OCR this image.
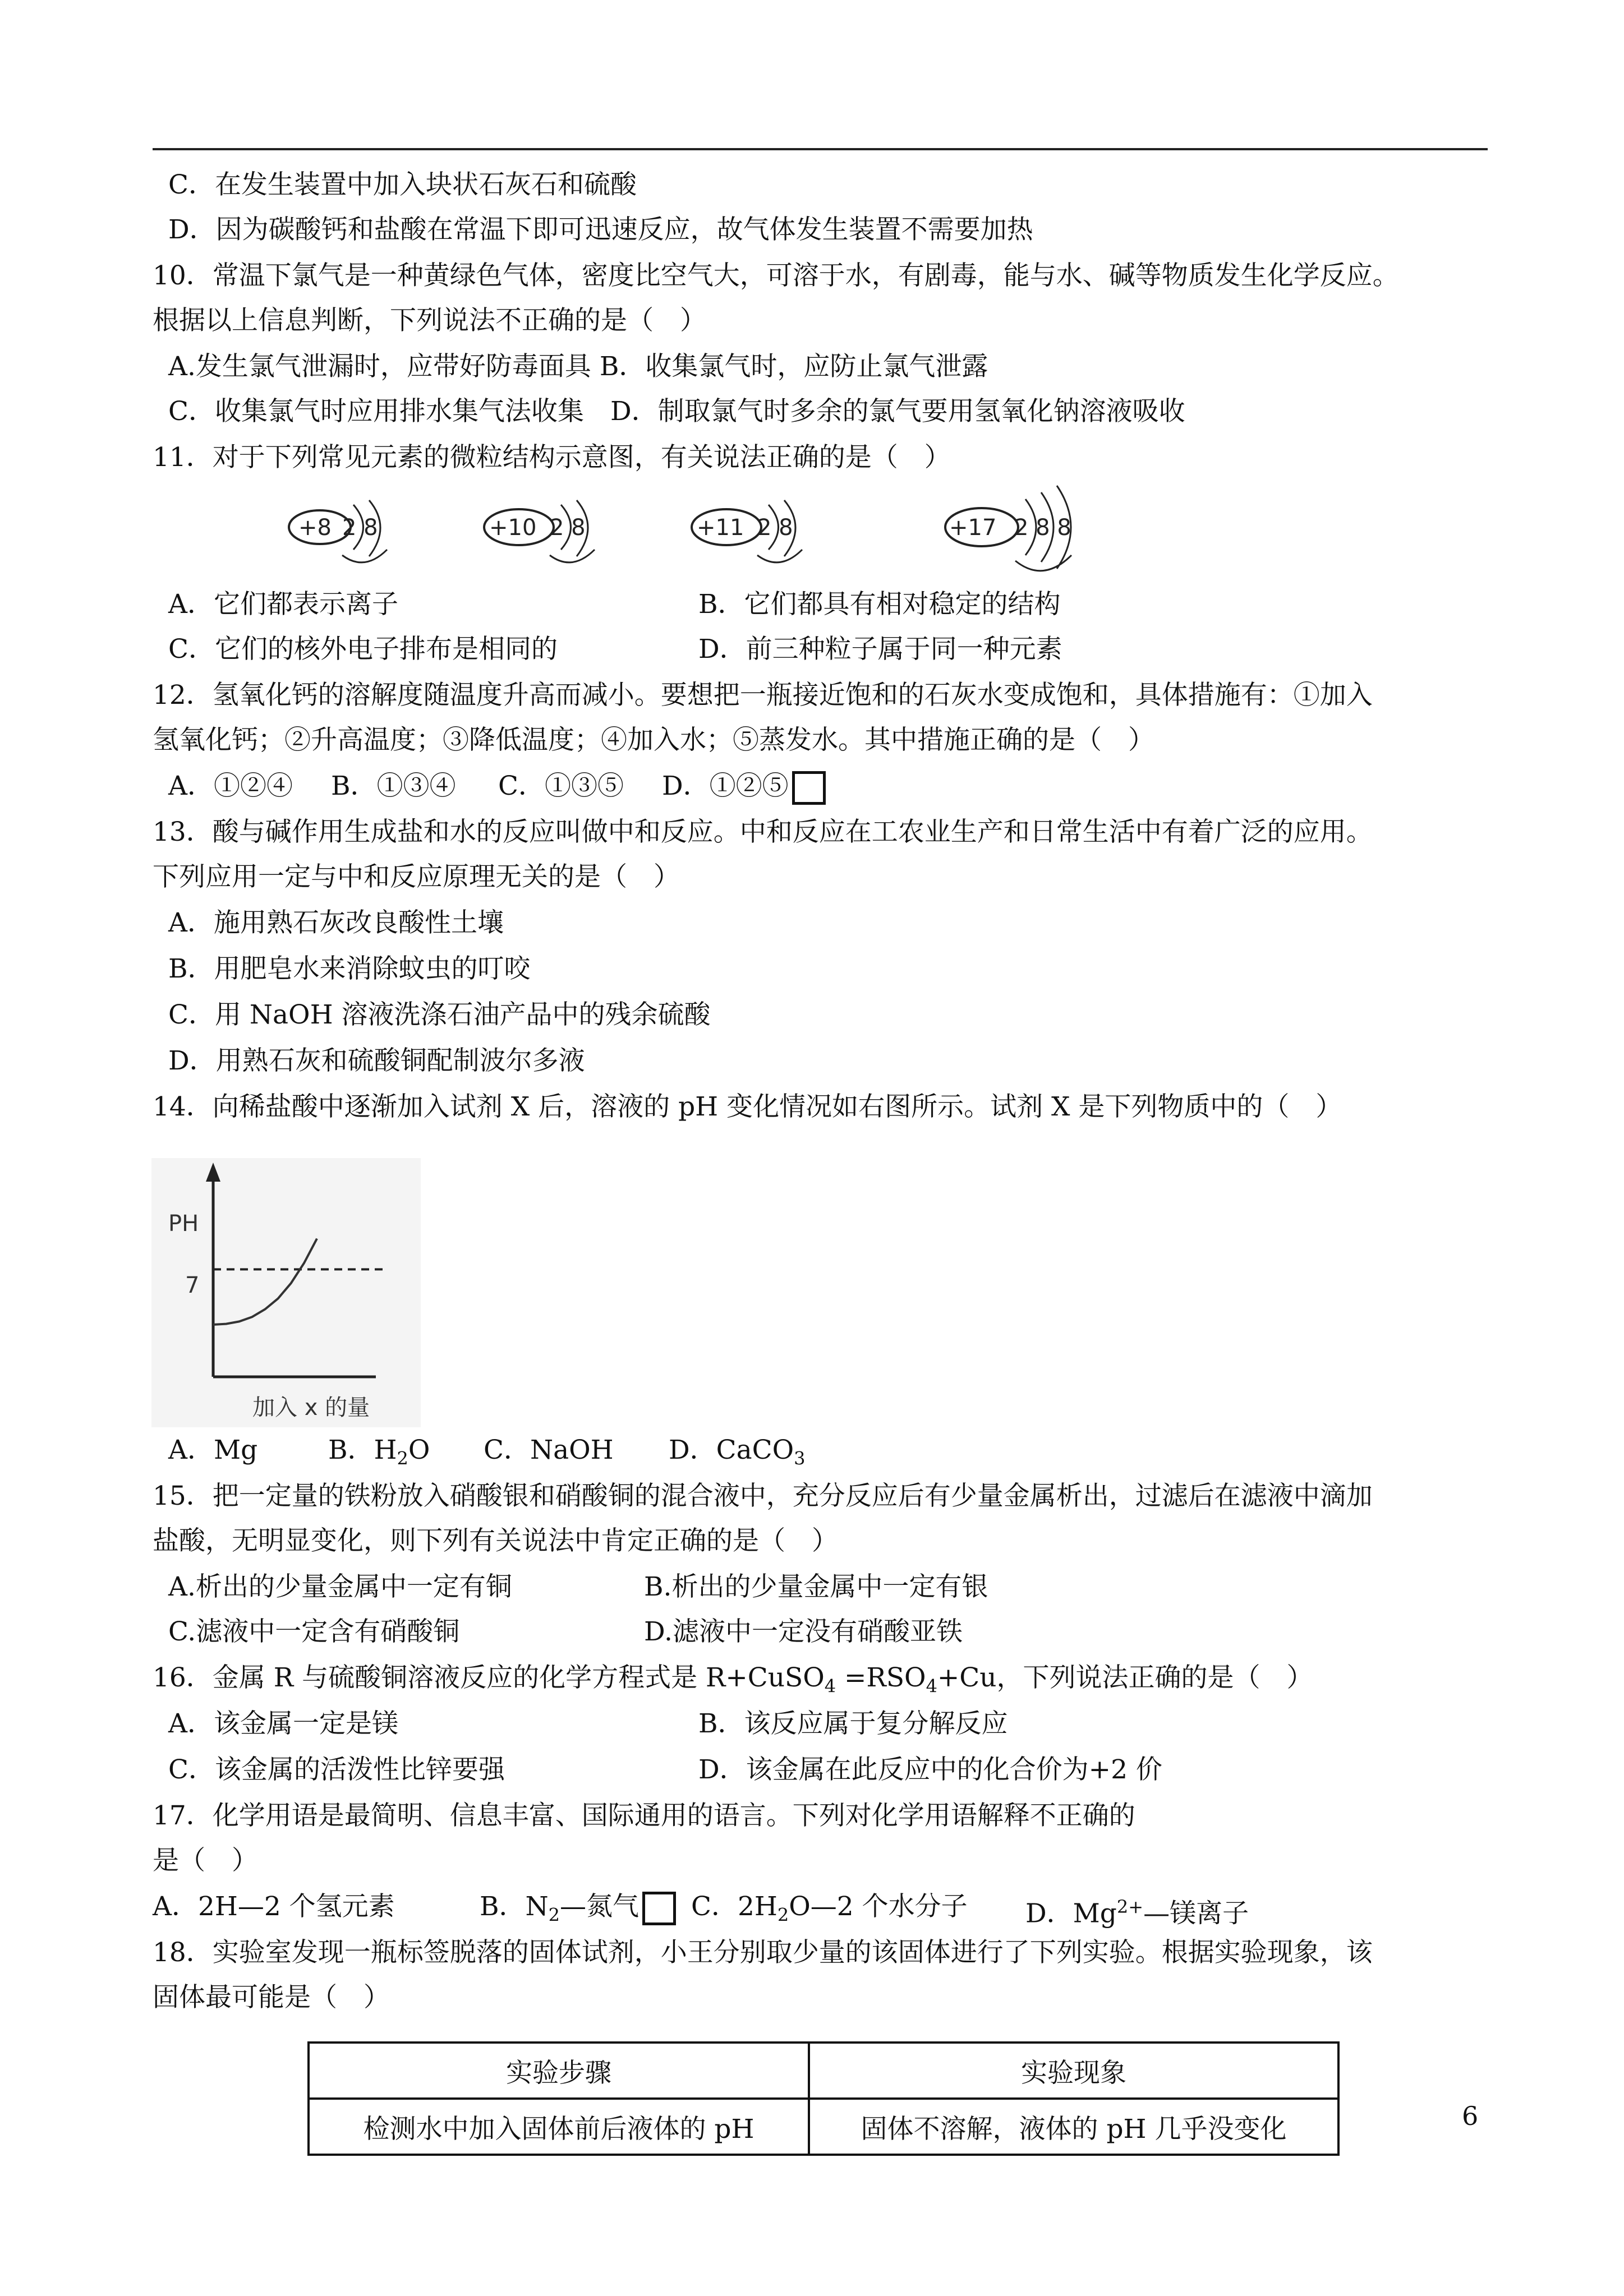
C．在发生装置中加入块状石灰石和硫酸
D．因为碳酸钙和盐酸在常温下即可迅速反应，故气体发生装置不需要加热
10．常温下氯气是一种黄绿色气体，密度比空气大，可溶于水，有剧毒，能与水、碱等物质发生化学反应。
根据以上信息判断，下列说法不正确的是（　）
A.发生氯气泄漏时，应带好防毒面具 B．收集氯气时，应防止氯气泄露
C．收集氯气时应用排水集气法收集　D．制取氯气时多余的氯气要用氢氧化钠溶液吸收
11．对于下列常见元素的微粒结构示意图，有关说法正确的是（　）
+8 2 8	+10 2 8	+11 2 8	+17 2 8 8
A．它们都表示离子	B．它们都具有相对稳定的结构
C．它们的核外电子排布是相同的	D．前三种粒子属于同一种元素
12．氢氧化钙的溶解度随温度升高而减小。要想把一瓶接近饱和的石灰水变成饱和，具体措施有：①加入
氢氧化钙；②升高温度；③降低温度；④加入水；⑤蒸发水。其中措施正确的是（　）
A．①②④ B．①③④ C．①③⑤ D．①②⑤
13．酸与碱作用生成盐和水的反应叫做中和反应。中和反应在工农业生产和日常生活中有着广泛的应用。
下列应用一定与中和反应原理无关的是（　）
A．施用熟石灰改良酸性土壤
B．用肥皂水来消除蚊虫的叮咬
C．用 NaOH 溶液洗涤石油产品中的残余硫酸
D．用熟石灰和硫酸铜配制波尔多液
14．向稀盐酸中逐渐加入试剂 X 后，溶液的 pH 变化情况如右图所示。试剂 X 是下列物质中的（　）
PH
7
加入 x 的量
A．Mg	B．$H_2O$ C．NaOH D．CaCO$_3$
15．把一定量的铁粉放入硝酸银和硝酸铜的混合液中，充分反应后有少量金属析出，过滤后在滤液中滴加
盐酸，无明显变化，则下列有关说法中肯定正确的是（　）
A.析出的少量金属中一定有铜	B.析出的少量金属中一定有银
C.滤液中一定含有硝酸铜	D.滤液中一定没有硝酸亚铁
16．金属 R 与硫酸铜溶液反应的化学方程式是 R+CuSO$_4$ $=RSO_4+Cu$，下列说法正确的是（　）
A．该金属一定是镁	B．该反应属于复分解反应
C．该金属的活泼性比锌要强	D．该金属在此反应中的化合价为+2 价
17．化学用语是最简明、信息丰富、国际通用的语言。下列对化学用语解释不正确的
是（　）
A．2H—2 个氢元素	B．$N_2—$氮气	C．$2H_2O—2$ 个水分子 D．$Mg^{2+}—$镁离子
18．实验室发现一瓶标签脱落的固体试剂，小王分别取少量的该固体进行了下列实验。根据实验现象，该
固体最可能是（　）
实验步骤	实验现象
检测水中加入固体前后液体的 pH	固体不溶解，液体的 pH 几乎没变化	6
